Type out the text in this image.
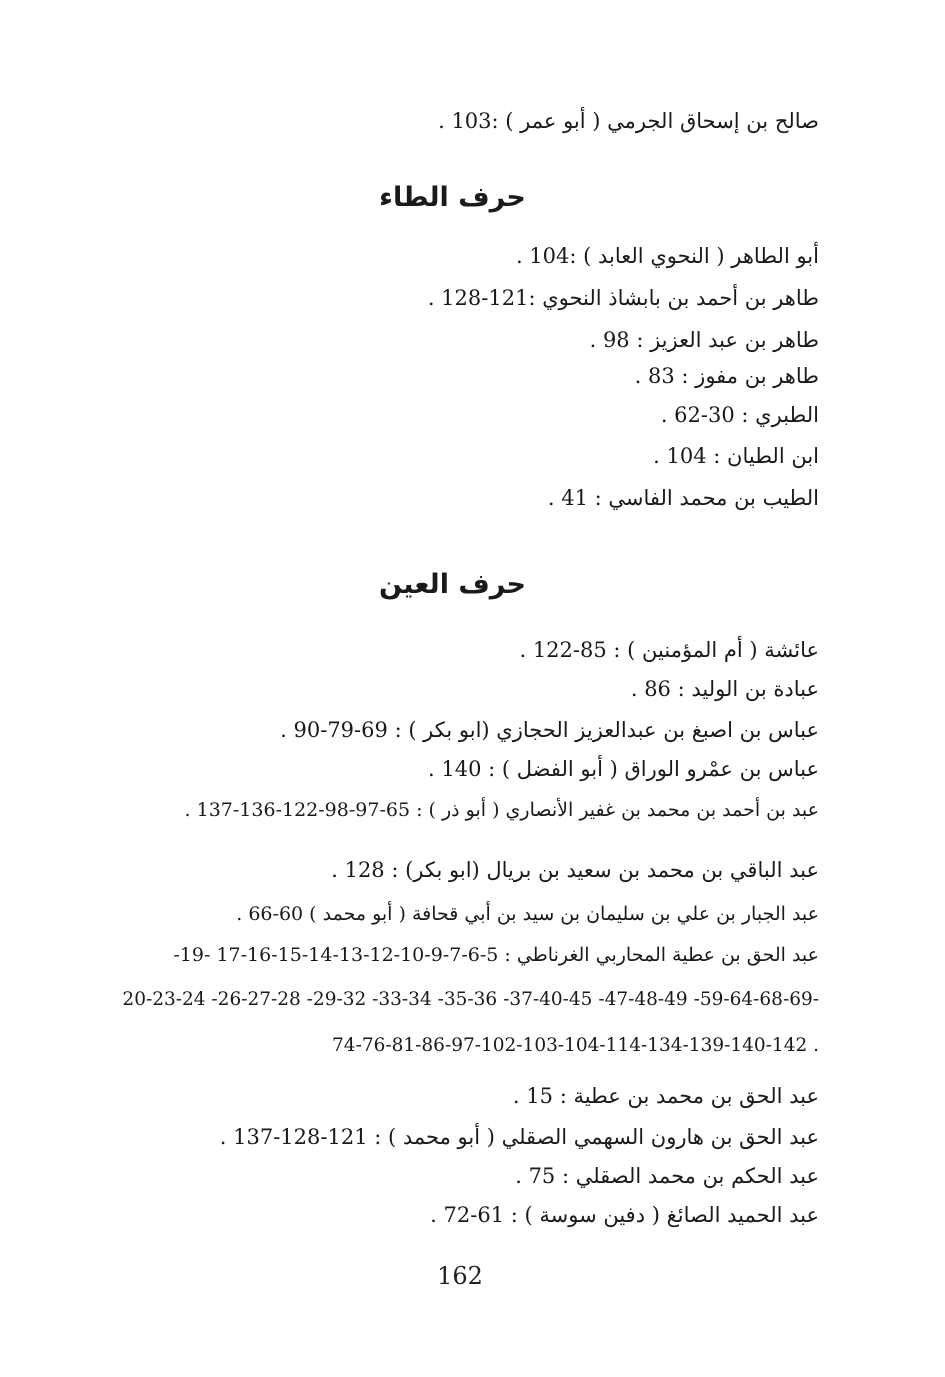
صالح بن إسحاق الجرمي ( أبو عمر ) :103 .
حرف الطاء
أبو الطاهر ( النحوي العابد ) :104 .
طاهر بن أحمد بن بابشاذ النحوي :121-128 .
طاهر بن عبد العزيز : 98 .
طاهر بن مفوز : 83 .
الطبري : 30-62 .
ابن الطيان : 104 .
الطيب بن محمد الفاسي : 41 .
حرف العين
عائشة ( أم المؤمنين ) : 85-122 .
عبادة بن الوليد : 86 .
عباس بن اصبغ بن عبدالعزيز الحجازي (ابو بكر ) : 69-79-90 .
عباس بن عمْرو الوراق ( أبو الفضل ) : 140 .
عبد بن أحمد بن محمد بن غفير الأنصاري ( أبو ذر ) : 65-97-98-122-136-137 .
عبد الباقي بن محمد بن سعيد بن بريال (ابو بكر) : 128 .
عبد الجبار بن علي بن سليمان بن سيد بن أبي قحافة ( أبو محمد ) 60-66 .
عبد الحق بن عطية المحاربي الغرناطي : 5-6-7-9-10-12-13-14-15-16-17 -19-
20-23-24 -26-27-28 -29-32 -33-34 -35-36 -37-40-45 -47-48-49 -59-64-68-69-
74-76-81-86-97-102-103-104-114-134-139-140-142 .
عبد الحق بن محمد بن عطية : 15 .
عبد الحق بن هارون السهمي الصقلي ( أبو محمد ) : 121-128-137 .
عبد الحكم بن محمد الصقلي : 75 .
عبد الحميد الصائغ ( دفين سوسة ) : 61-72 .
162
